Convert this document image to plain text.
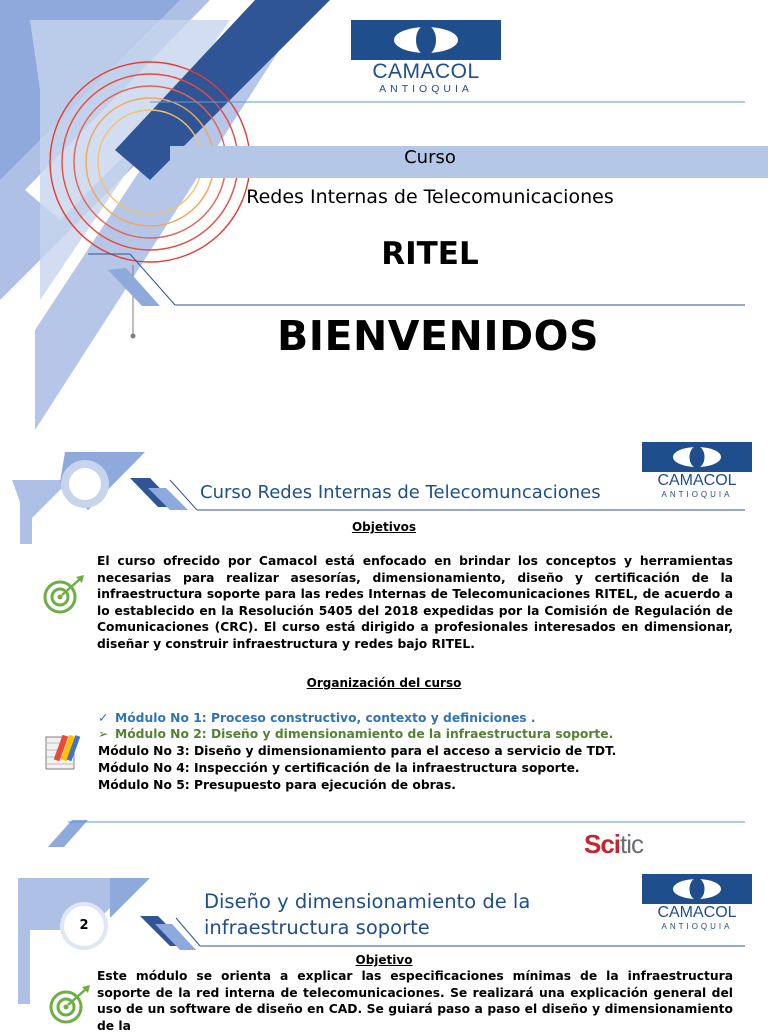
CAMACOL
ANTIOQUIA
Curso
Redes Internas de Telecomunicaciones
RITEL
BIENVENIDOS
CAMACOL
ANTIOQUIA
Curso Redes Internas de Telecomuncaciones
Objetivos
El curso ofrecido por Camacol está enfocado en brindar los conceptos y herramientas necesarias para realizar asesorías, dimensionamiento, diseño y certificación de la infraestructura soporte para las redes Internas de Telecomunicaciones RITEL, de acuerdo a lo establecido en la Resolución 5405 del 2018 expedidas por la Comisión de Regulación de Comunicaciones (CRC). El curso está dirigido a profesionales interesados en dimensionar, diseñar y construir infraestructura y redes bajo RITEL.
Organización del curso
✓ Módulo No 1: Proceso constructivo, contexto y definiciones .
➢ Módulo No 2: Diseño y dimensionamiento de la infraestructura soporte.
Módulo No 3: Diseño y dimensionamiento para el acceso a servicio de TDT.
Módulo No 4: Inspección y certificación de la infraestructura soporte.
Módulo No 5: Presupuesto para ejecución de obras.
Scitic
2
CAMACOL
ANTIOQUIA
Diseño y dimensionamiento de la
infraestructura soporte
Objetivo
Este módulo se orienta a explicar las especificaciones mínimas de la infraestructura soporte de la red interna de telecomunicaciones. Se realizará una explicación general del uso de un software de diseño en CAD. Se guiará paso a paso el diseño y dimensionamiento de la
